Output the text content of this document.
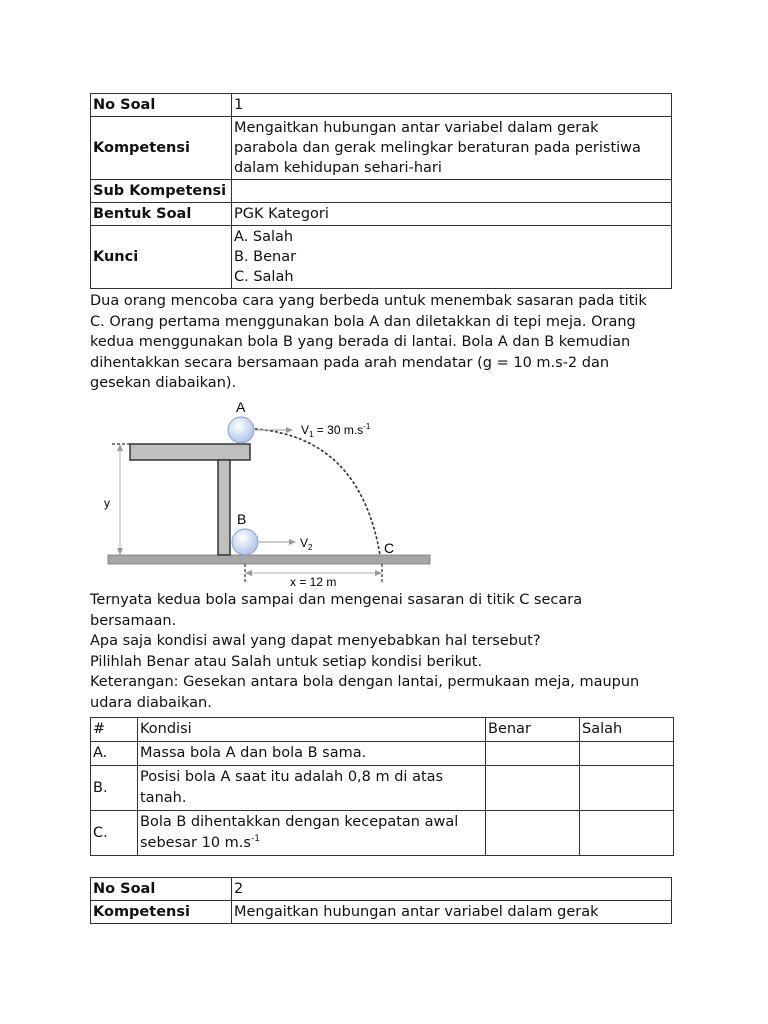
No Soal	1
Kompetensi	Mengaitkan hubungan antar variabel dalam gerak
parabola dan gerak melingkar beraturan pada peristiwa
dalam kehidupan sehari-hari

Sub Kompetensi	
Bentuk Soal	PGK Kategori
Kunci	A. Salah
B. Benar
C. Salah
Dua orang mencoba cara yang berbeda untuk menembak sasaran pada titik
C. Orang pertama menggunakan bola A dan diletakkan di tepi meja. Orang
kedua menggunakan bola B yang berada di lantai. Bola A dan B kemudian
dihentakkan secara bersamaan pada arah mendatar (g = 10 m.s-2 dan
gesekan diabaikan).
y
A
$V_1 = 30$ $m.s^{-1}$
B
$V_2$	C
x = 12 m
Ternyata kedua bola sampai dan mengenai sasaran di titik C secara
bersamaan.
Apa saja kondisi awal yang dapat menyebabkan hal tersebut?
Pilihlah Benar atau Salah untuk setiap kondisi berikut.
Keterangan: Gesekan antara bola dengan lantai, permukaan meja, maupun
udara diabaikan.
#	Kondisi	Benar	Salah
A.	Massa bola A dan bola B sama.		
B.	Posisi bola A saat itu adalah 0,8 m di atas
tanah.		

C.	Bola B dihentakkan dengan kecepatan awal
sebesar 10 $m.s^{-1}$

No Soal	2
Kompetensi	Mengaitkan hubungan antar variabel dalam gerak
